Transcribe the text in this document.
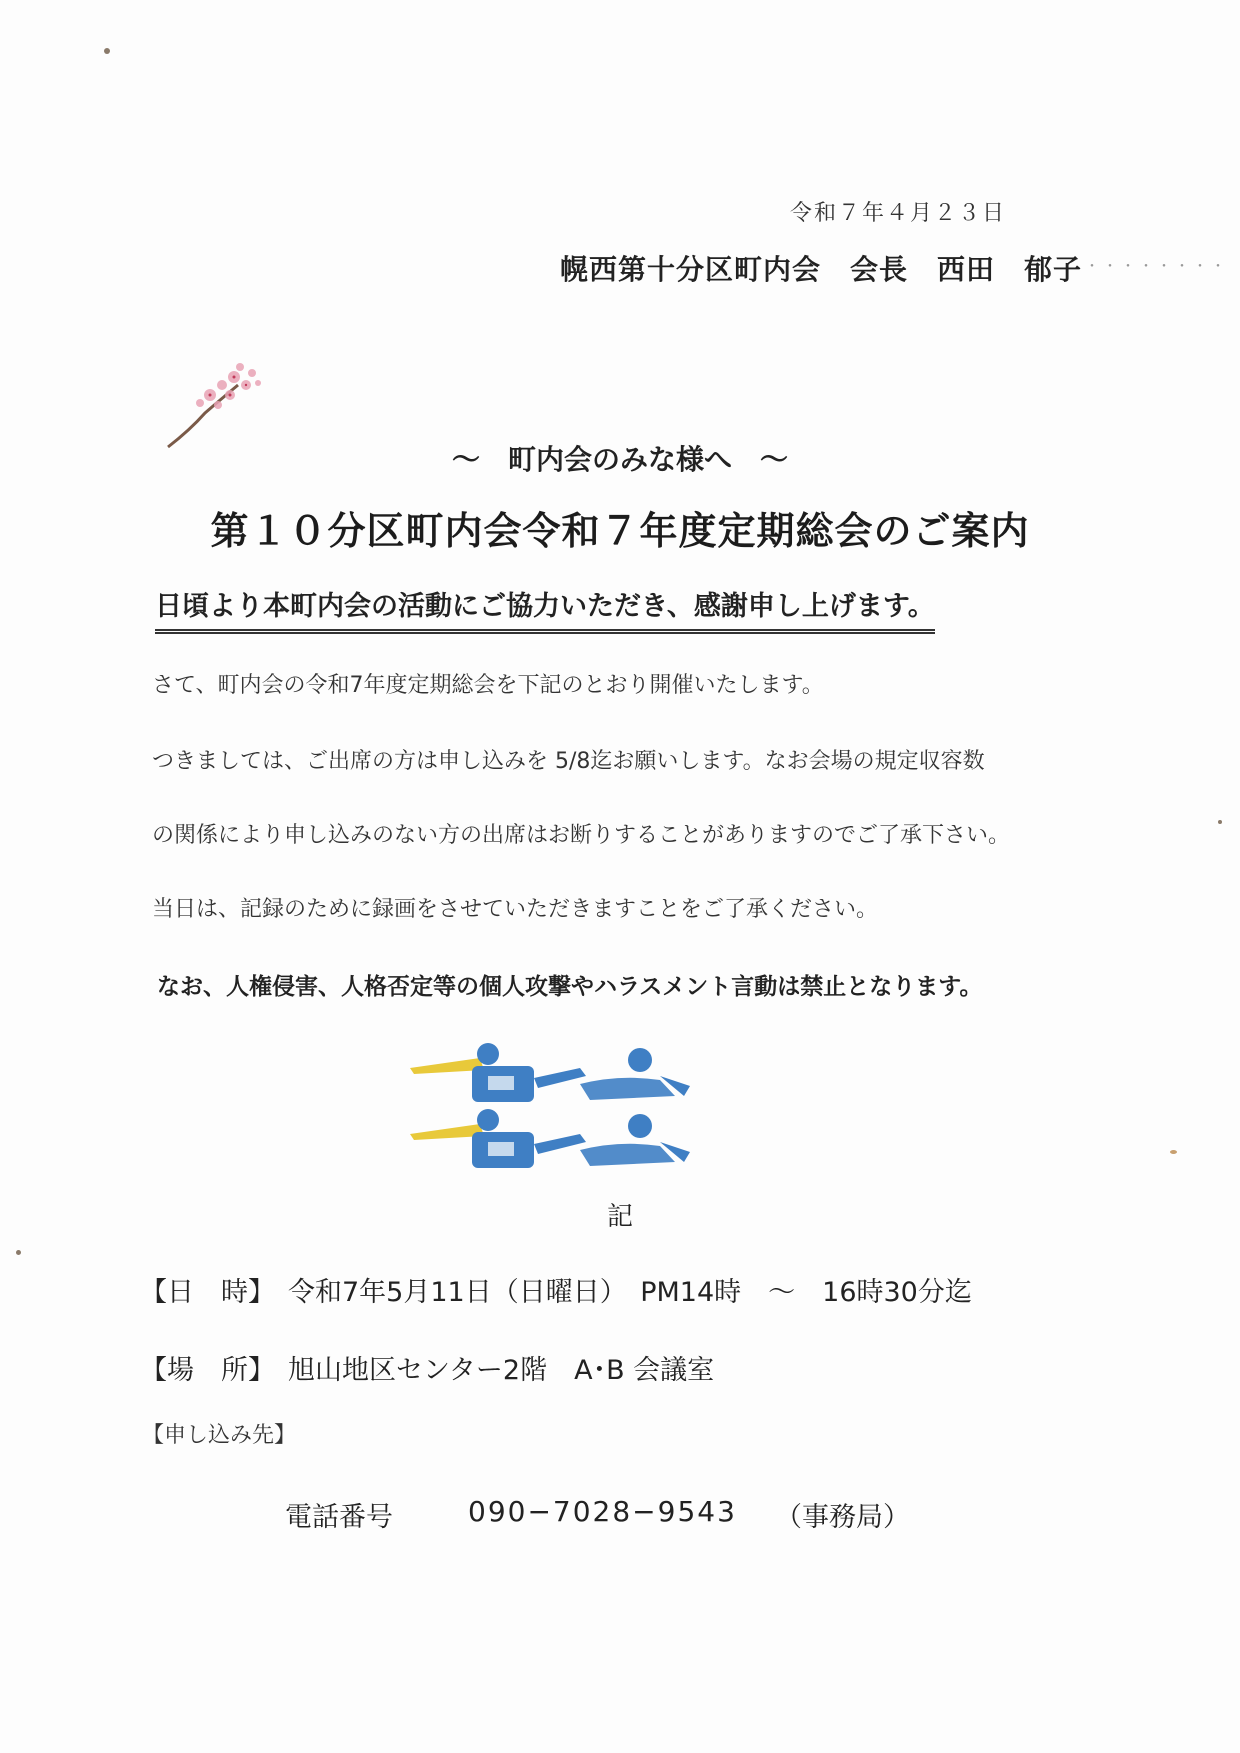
令和７年４月２３日
幌西第十分区町内会　会長　西田　郁子 ・・・・・・・・
～　町内会のみな様へ　～
第１０分区町内会令和７年度定期総会のご案内
日頃より本町内会の活動にご協力いただき、感謝申し上げます。
さて、町内会の令和7年度定期総会を下記のとおり開催いたします。
つきましては、ご出席の方は申し込みを 5/8迄お願いします。なお会場の規定収容数
の関係により申し込みのない方の出席はお断りすることがありますのでご了承下さい。
当日は、記録のために録画をさせていただきますことをご了承ください。
なお、人権侵害、人格否定等の個人攻撃やハラスメント言動は禁止となります。
記
【日　時】 令和7年5月11日（日曜日）　PM14時　～　16時30分迄
【場　所】 旭山地区センター2階　A･B 会議室
【申し込み先】
電話番号	090−7028−9543 （事務局）
